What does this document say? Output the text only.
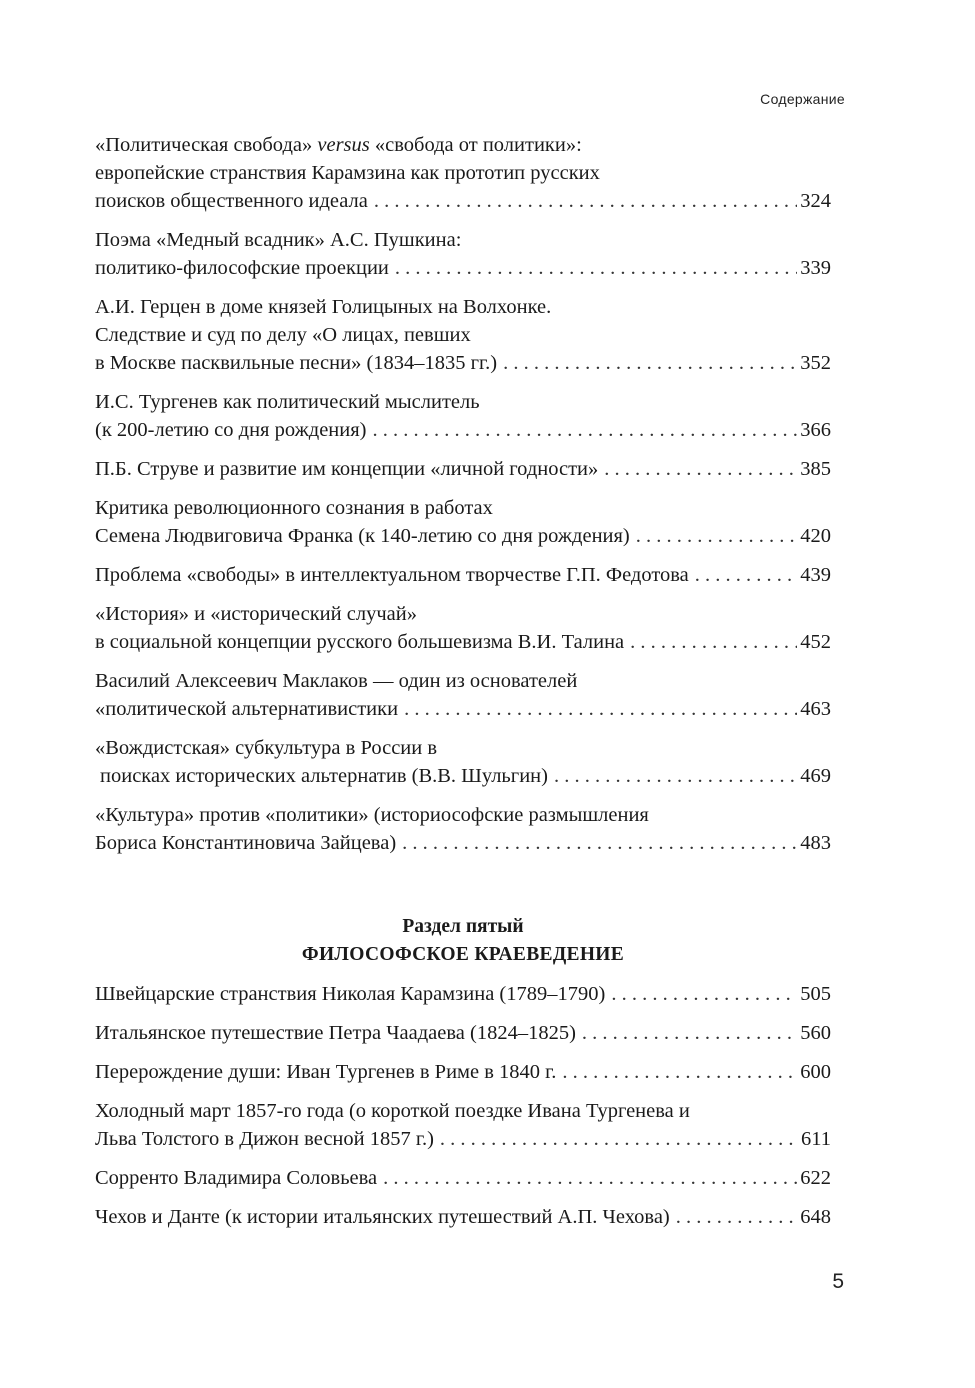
Содержание
«Политическая свобода» versus «свобода от политики»:
европейские странствия Карамзина как прототип русских
поисков общественного идеала . . .	324
Поэма «Медный всадник» А.С. Пушкина:
политико-философские проекции . . .	339
А.И. Герцен в доме князей Голицыных на Волхонке.
Следствие и суд по делу «О лицах, певших
в Москве пасквильные песни» (1834–1835 гг.) . . .	352
И.С. Тургенев как политический мыслитель
(к 200-летию со дня рождения) . . .	366
П.Б. Струве и развитие им концепции «личной годности» . . .	385
Критика революционного сознания в работах
Семена Людвиговича Франка (к 140-летию со дня рождения) . . .	420
Проблема «свободы» в интеллектуальном творчестве Г.П. Федотова . . .	439
«История» и «исторический случай»
в социальной концепции русского большевизма В.И. Талина . . .	452
Василий Алексеевич Маклаков — один из основателей
«политической альтернативистики . . .	463
«Вождистская» субкультура в России в
поисках исторических альтернатив (В.В. Шульгин) . . .	469
«Культура» против «политики» (историософские размышления
Бориса Константиновича Зайцева) . . .	483
Раздел пятый
ФИЛОСОФСКОЕ КРАЕВЕДЕНИЕ
Швейцарские странствия Николая Карамзина (1789–1790) . . .	505
Итальянское путешествие Петра Чаадаева (1824–1825) . . .	560
Перерождение души: Иван Тургенев в Риме в 1840 г. . . .	600
Холодный март 1857-го года (о короткой поездке Ивана Тургенева и
Льва Толстого в Дижон весной 1857 г.) . . .	611
Сорренто Владимира Соловьева . . .	622
Чехов и Данте (к истории итальянских путешествий А.П. Чехова) . . .	648
5
